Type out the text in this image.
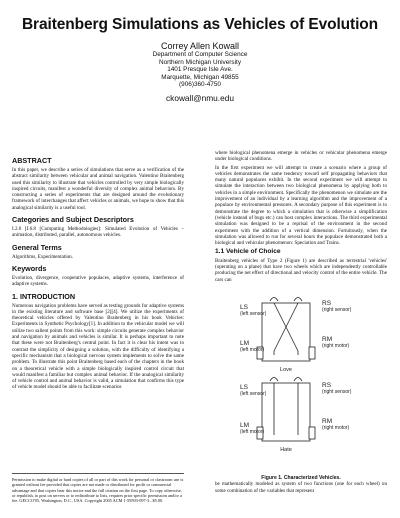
Braitenberg Simulations as Vehicles of Evolution
Correy Allen Kowall
Department of Computer Science
Northern Michigan University
1401 Presque Isle Ave.
Marquette, Michigan 49855
(906)360-4750
ckowall@nmu.edu
ABSTRACT

In this paper, we describe a series of simulations that serve as a verification of the abstract similarity between vehicular and animal navigation. Valentino Braitenberg used this similarity to illustrate that vehicles controlled by very simple biologically inspired circuits, manifest a wonderful diversity of complex animal behaviors. By constructing a series of experiments that are designed around the evolutionary framework of interchanges that affect vehicles or animals, we hope to show that this analogical similarity is a useful tool.

Categories and Subject Descriptors

I.2.0 [I.6.8 [Computing Methodologies]: Simulated Evolution of Vehicles – animation, distributed, parallel, autonomous vehicles.

General Terms

Algorithms, Experimentation.

Keywords

Evolution, divergence, cooperative populaces, adaptive systems, interference of adaptive systems.

1. INTRODUCTION

Numerous navigation problems have served as testing grounds for adaptive systems in the existing literature and software base [2][4]. We utilize the experiments of theoretical vehicles offered by Valentino Braitenberg in his book Vehicles: Experiments in Synthetic Psychology[1]. In addition to the vehicular model we will utilize two salient points from this work: simple circuits generate complex behavior and navigation by animals and vehicles is similar. It is perhaps important to note that these were not Braitenberg's central point. In fact it is clear his intent was to contrast the simplicity of designing a solution, with the difficulty of identifying a specific mechanism that a biological nervous system implements to solve the same problem. To illustrate this point Braitenberg based each of the chapters in the book on a theoretical vehicle with a simple biologically inspired control circuit that would manifest a familiar but complex animal behavior. If the analogical similarity of vehicle control and animal behavior is valid, a simulation that confirms this type of vehicle model should be able to facilitate scenarios

Permission to make digital or hard copies of all or part of this work for personal or classroom use is granted without fee provided that copies are not made or distributed for profit or commercial advantage and that copies bear this notice and the full citation on the first page. To copy otherwise, or republish, to post on servers or to redistribute to lists, requires prior specific permission and/or a fee. GECCO'05, Washington, D.C., USA. Copyright 2005 ACM 1-59593-097-3...$5.00.

where biological phenomena emerge in vehicles or vehicular phenomena emerge under biological conditions.

In the first experiment we will attempt to create a scenario where a group of vehicles demonstrates the same tendency toward self propagating behaviors that many natural populaces exhibit. In the second experiment we will attempt to simulate the interaction between two biological phenomena by applying both to vehicles in a simple environment. Specifically the phenomenon we simulate are the improvement of an individual by a learning algorithm and the improvement of a populace by environmental pressures. A secondary purpose of this experiment is to demonstrate the degree to which a simulation that is otherwise a simplification (vehicle instead of bugs etc.) can host complex interactions. The third experimental simulation was designed to be a reprisal of the environment in the second experiment with the addition of a vertical dimension. Fortuitously, when the simulation was allowed to run for several hours the populace demonstrated both a biological and vehicular phenomenon: Speciation and Trains.

1.1 Vehicle of Choice

Braitenberg vehicles of Type 2 (Figure 1) are described as terrestrial 'vehicles' (operating on a plane) that have two wheels which are independently controllable producing the net effect of directional and velocity control of the entire vehicle. The cars can

LS
(left sensor)
RS
(right sensor)
LM
(left motor)
RM
(right motor)
Love
LS
(left sensor)
RS
(right sensor)
LM
(left motor)
RM
(right motor)
Hate
Figure 1. Characterized Vehicles.
be mathematically modeled as system of two functions (one for each wheel) on some combination of the variables that represent
